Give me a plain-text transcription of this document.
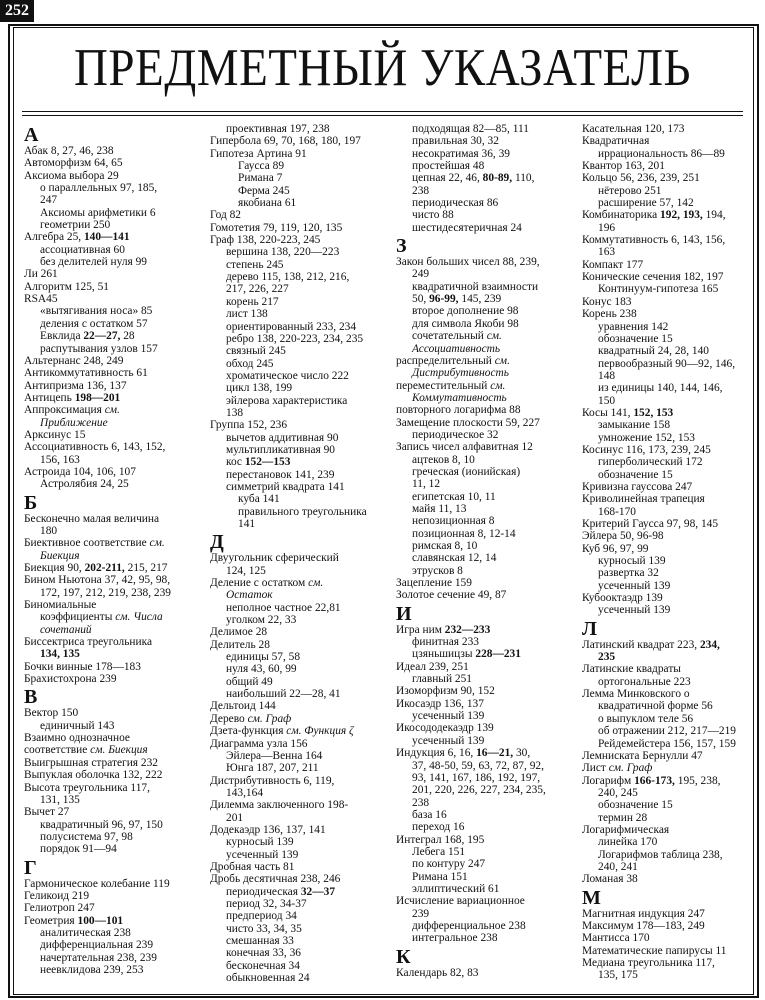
252
ПРЕДМЕТНЫЙ УКАЗАТЕЛЬ
А
Абак 8, 27, 46, 238
Автоморфизм 64, 65
Аксиома выбора 29
о параллельных 97, 185,
247
Аксиомы арифметики 6
геометрии 250
Алгебра 25, 140—141
ассоциативная 60
без делителей нуля 99
Ли 261
Алгоритм 125, 51
RSA45
«вытягивания носа» 85
деления с остатком 57
Евклида 22—27, 28
распутывания узлов 157
Альтернанс 248, 249
Антикоммутативность 61
Антипризма 136, 137
Антицепь 198—201
Аппроксимация см.
Приближение
Арксинус 15
Ассоциативность 6, 143, 152,
156, 163
Астроида 104, 106, 107
Астролябия 24, 25
Б
Бесконечно малая величина
180
Биективное соответствие см.
Биекция
Биекция 90, 202-211, 215, 217
Бином Ньютона 37, 42, 95, 98,
172, 197, 212, 219, 238, 239
Биномиальные
коэффициенты см. Числа
сочетаний
Биссектриса треугольника
134, 135
Бочки винные 178—183
Брахистохрона 239
В
Вектор 150
единичный 143
Взаимно однозначное
соответствие см. Биекция
Выигрышная стратегия 232
Выпуклая оболочка 132, 222
Высота треугольника 117,
131, 135
Вычет 27
квадратичный 96, 97, 150
полусистема 97, 98
порядок 91—94
Г
Гармоническое колебание 119
Геликоид 219
Гелиотроп 247
Геометрия 100—101
аналитическая 238
дифференциальная 239
начертательная 238, 239
неевклидова 239, 253
проективная 197, 238
Гипербола 69, 70, 168, 180, 197
Гипотеза Артина 91
Гаусса 89
Римана 7
Ферма 245
якобиана 61
Год 82
Гомотетия 79, 119, 120, 135
Граф 138, 220-223, 245
вершина 138, 220—223
степень 245
дерево 115, 138, 212, 216,
217, 226, 227
корень 217
лист 138
ориентированный 233, 234
ребро 138, 220-223, 234, 235
связный 245
обход 245
хроматическое число 222
цикл 138, 199
эйлерова характеристика
138
Группа 152, 236
вычетов аддитивная 90
мультипликативная 90
кос 152—153
перестановок 141, 239
симметрий квадрата 141
куба 141
правильного треугольника
141
Д
Двуугольник сферический
124, 125
Деление с остатком см.
Остаток
неполное частное 22,81
уголком 22, 33
Делимое 28
Делитель 28
единицы 57, 58
нуля 43, 60, 99
общий 49
наибольший 22—28, 41
Дельтоид 144
Дерево см. Граф
Дзета-функция см. Функция ζ
Диаграмма узла 156
Эйлера—Венна 164
Юнга 187, 207, 211
Дистрибутивность 6, 119,
143,164
Дилемма заключенного 198-
201
Додекаэдр 136, 137, 141
курносый 139
усеченный 139
Дробная часть 81
Дробь десятичная 238, 246
периодическая 32—37
период 32, 34-37
предпериод 34
чисто 33, 34, 35
смешанная 33
конечная 33, 36
бесконечная 34
обыкновенная 24
подходящая 82—85, 111
правильная 30, 32
несократимая 36, 39
простейшая 48
цепная 22, 46, 80-89, 110,
238
периодическая 86
чисто 88
шестидесятеричная 24
З
Закон больших чисел 88, 239,
249
квадратичной взаимности
50, 96-99, 145, 239
второе дополнение 98
для символа Якоби 98
сочетательный см.
Ассоциативность
распределительный см.
Дистрибутивность
переместительный см.
Коммутативность
повторного логарифма 88
Замещение плоскости 59, 227
периодическое 32
Запись чисел алфавитная 12
ацтеков 8, 10
греческая (ионийская)
11, 12
египетская 10, 11
майя 11, 13
непозиционная 8
позиционная 8, 12-14
римская 8, 10
славянская 12, 14
этрусков 8
Зацепление 159
Золотое сечение 49, 87
И
Игра ним 232—233
финитная 233
цзяньшицзы 228—231
Идеал 239, 251
главный 251
Изоморфизм 90, 152
Икосаэдр 136, 137
усеченный 139
Икосододекаэдр 139
усеченный 139
Индукция 6, 16, 16—21, 30,
37, 48-50, 59, 63, 72, 87, 92,
93, 141, 167, 186, 192, 197,
201, 220, 226, 227, 234, 235,
238
база 16
переход 16
Интеграл 168, 195
Лебега 151
по контуру 247
Римана 151
эллиптический 61
Исчисление вариационное
239
дифференциальное 238
интегральное 238
К
Календарь 82, 83
Касательная 120, 173
Квадратичная
иррациональность 86—89
Квантор 163, 201
Кольцо 56, 236, 239, 251
нётерово 251
расширение 57, 142
Комбинаторика 192, 193, 194,
196
Коммутативность 6, 143, 156,
163
Компакт 177
Конические сечения 182, 197
Континуум-гипотеза 165
Конус 183
Корень 238
уравнения 142
обозначение 15
квадратный 24, 28, 140
первообразный 90—92, 146,
148
из единицы 140, 144, 146,
150
Косы 141, 152, 153
замыкание 158
умножение 152, 153
Косинус 116, 173, 239, 245
гиперболический 172
обозначение 15
Кривизна гауссова 247
Криволинейная трапеция
168-170
Критерий Гаусса 97, 98, 145
Эйлера 50, 96-98
Куб 96, 97, 99
курносый 139
развертка 32
усеченный 139
Кубооктаэдр 139
усеченный 139
Л
Латинский квадрат 223, 234,
235
Латинские квадраты
ортогональные 223
Лемма Минковского о
квадратичной форме 56
о выпуклом теле 56
об отражении 212, 217—219
Рейдемейстера 156, 157, 159
Лемниската Бернулли 47
Лист см. Граф
Логарифм 166-173, 195, 238,
240, 245
обозначение 15
термин 28
Логарифмическая
линейка 170
Логарифмов таблица 238,
240, 241
Ломаная 38
М
Магнитная индукция 247
Максимум 178—183, 249
Мантисса 170
Математические папирусы 11
Медиана треугольника 117,
135, 175
